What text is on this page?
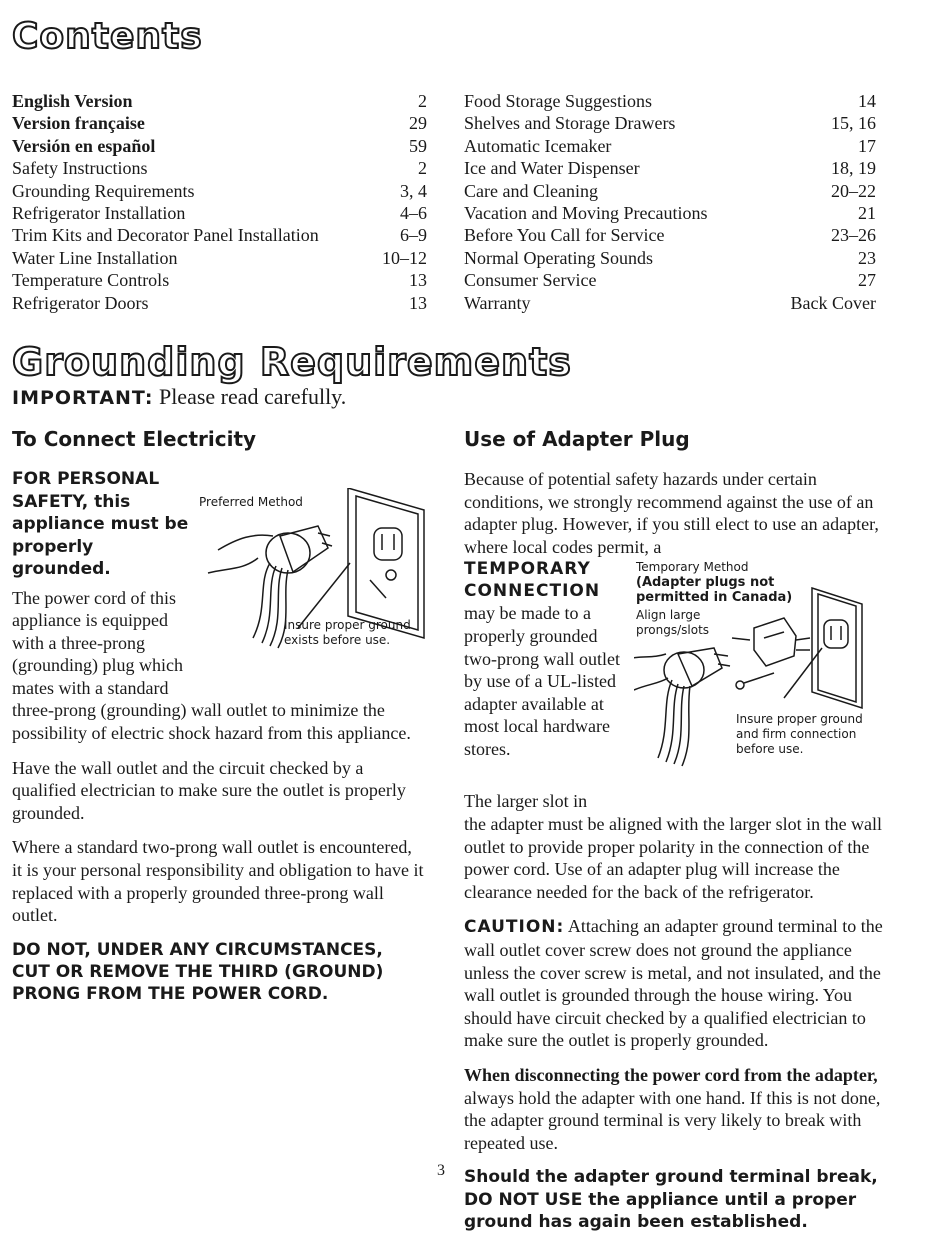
Contents
English Version	2
Version française	29
Versión en español	59
Safety Instructions	2
Grounding Requirements	3, 4
Refrigerator Installation	4–6
Trim Kits and Decorator Panel Installation	6–9
Water Line Installation	10–12
Temperature Controls	13
Refrigerator Doors	13
Food Storage Suggestions	14
Shelves and Storage Drawers	15, 16
Automatic Icemaker	17
Ice and Water Dispenser	18, 19
Care and Cleaning	20–22
Vacation and Moving Precautions	21
Before You Call for Service	23–26
Normal Operating Sounds	23
Consumer Service	27
Warranty	Back Cover
Grounding Requirements
IMPORTANT: Please read carefully.
To Connect Electricity
FOR PERSONAL SAFETY, this appliance must be properly grounded.
The power cord of this appliance is equipped with a three-prong (grounding) plug which mates with a standard
Preferred Method
Insure proper ground exists before use.

three-prong (grounding) wall outlet to minimize the possibility of electric shock hazard from this appliance.

Have the wall outlet and the circuit checked by a qualified electrician to make sure the outlet is properly grounded.

Where a standard two-prong wall outlet is encountered, it is your personal responsibility and obligation to have it replaced with a properly grounded three-prong wall outlet.

DO NOT, UNDER ANY CIRCUMSTANCES, CUT OR REMOVE THE THIRD (GROUND) PRONG FROM THE POWER CORD.
Use of Adapter Plug
Because of potential safety hazards under certain conditions, we strongly recommend against the use of an adapter plug. However, if you still elect to use an adapter, where local codes permit, a
TEMPORARY CONNECTION
may be made to a properly grounded two-prong wall outlet by use of a UL-listed adapter available at most local hardware stores.
Temporary Method
(Adapter plugs not permitted in Canada)
Align large prongs/slots
Insure proper ground and firm connection before use.
The larger slot in

the adapter must be aligned with the larger slot in the wall outlet to provide proper polarity in the connection of the power cord. Use of an adapter plug will increase the clearance needed for the back of the refrigerator.

CAUTION: Attaching an adapter ground terminal to the wall outlet cover screw does not ground the appliance unless the cover screw is metal, and not insulated, and the wall outlet is grounded through the house wiring. You should have circuit checked by a qualified electrician to make sure the outlet is properly grounded.

When disconnecting the power cord from the adapter, always hold the adapter with one hand. If this is not done, the adapter ground terminal is very likely to break with repeated use.

Should the adapter ground terminal break, DO NOT USE the appliance until a proper ground has again been established.
3
